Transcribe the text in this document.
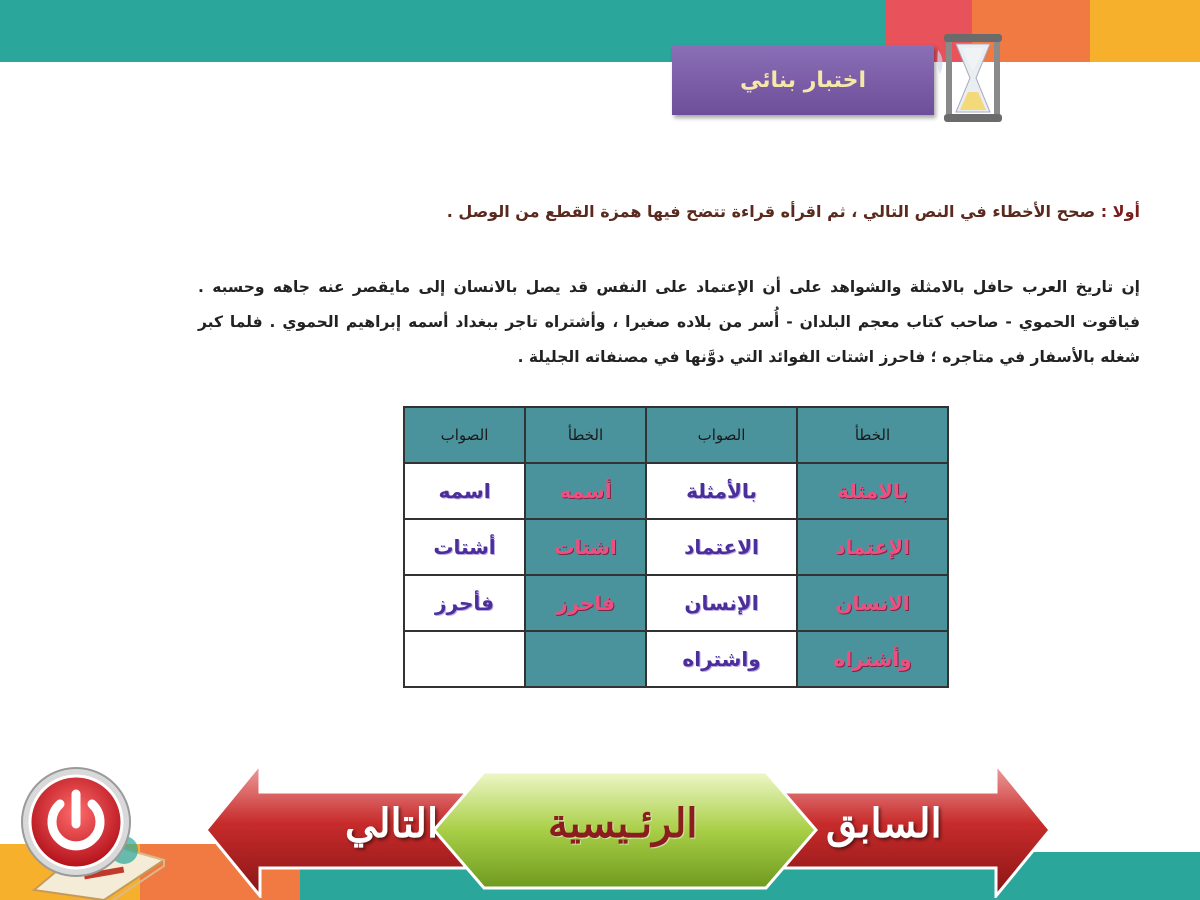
اختبار بنائي
أولا : صحح الأخطاء في النص التالي ، ثم اقرأه قراءة تتضح فيها همزة القطع من الوصل .
إن تاريخ العرب حافل بالامثلة والشواهد على أن الإعتماد على النفس قد يصل بالانسان إلى مايقصر عنه جاهه وحسبه . فياقوت الحموي - صاحب كتاب معجم البلدان - أُسر من بلاده صغيرا ، وأشتراه تاجر ببغداد أسمه إبراهيم الحموي . فلما كبر شغله بالأسفار في متاجره ؛ فاحرز اشتات الفوائد التي دوَّنها في مصنفاته الجليلة .
الخطأ	الصواب	الخطأ	الصواب
بالامثلة	بالأمثلة	أسمه	اسمه
الإعتماد	الاعتماد	اشتات	أشتات
الانسان	الإنسان	فاحرز	فأحرز
وأشتراه	واشتراه		
السابق
التالي	الرئـيسية
